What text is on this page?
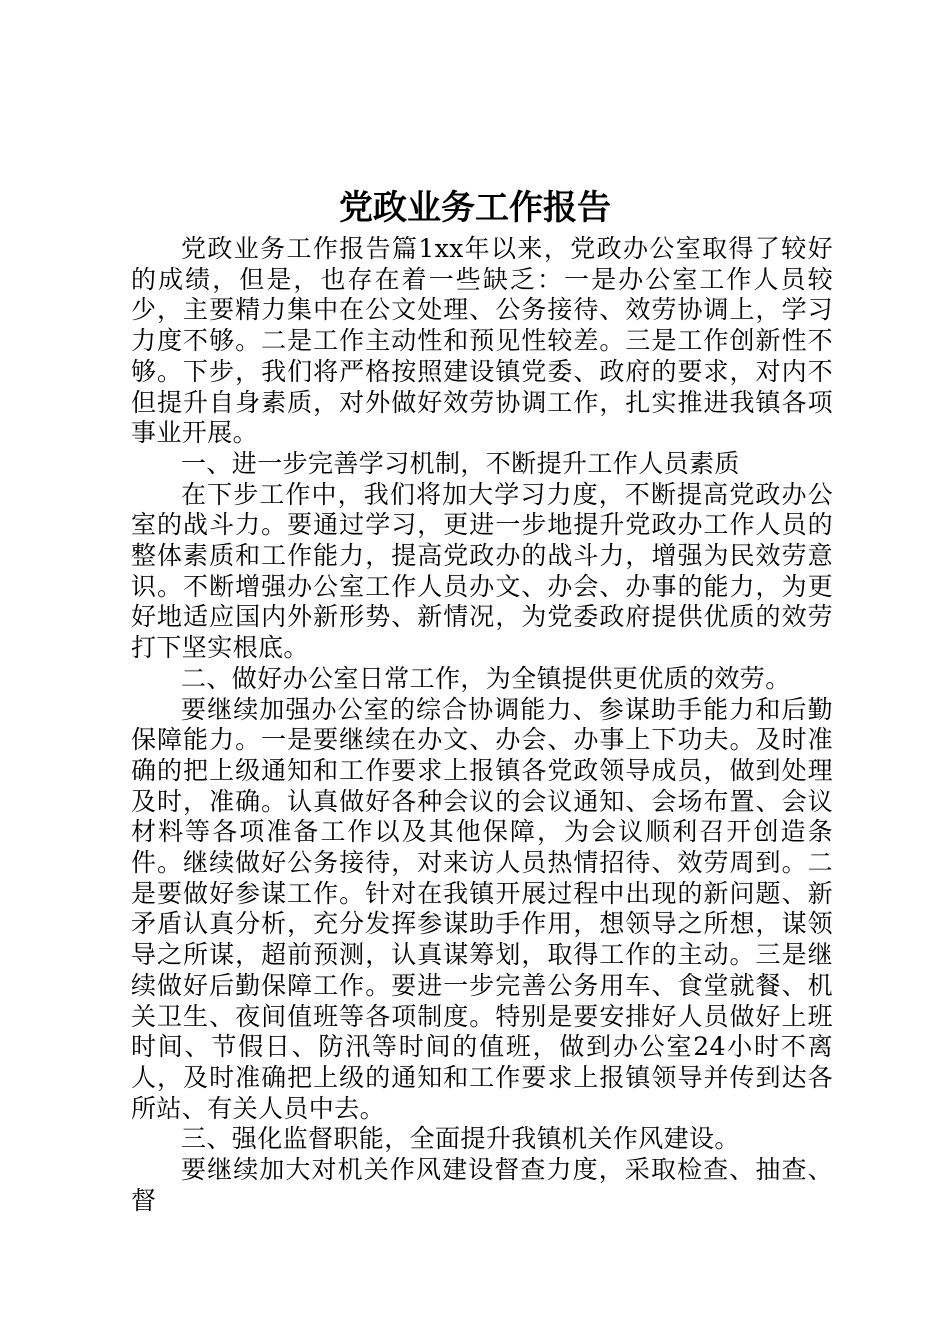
党政业务工作报告

党政业务工作报告篇1xx年以来，党政办公室取得了较好的成绩，但是，也存在着一些缺乏：一是办公室工作人员较少，主要精力集中在公文处理、公务接待、效劳协调上，学习力度不够。二是工作主动性和预见性较差。三是工作创新性不够。下步，我们将严格按照建设镇党委、政府的要求，对内不但提升自身素质，对外做好效劳协调工作，扎实推进我镇各项事业开展。

一、进一步完善学习机制，不断提升工作人员素质

在下步工作中，我们将加大学习力度，不断提高党政办公室的战斗力。要通过学习，更进一步地提升党政办工作人员的整体素质和工作能力，提高党政办的战斗力，增强为民效劳意识。不断增强办公室工作人员办文、办会、办事的能力，为更好地适应国内外新形势、新情况，为党委政府提供优质的效劳打下坚实根底。

二、做好办公室日常工作，为全镇提供更优质的效劳。

要继续加强办公室的综合协调能力、参谋助手能力和后勤保障能力。一是要继续在办文、办会、办事上下功夫。及时准确的把上级通知和工作要求上报镇各党政领导成员，做到处理及时，准确。认真做好各种会议的会议通知、会场布置、会议材料等各项准备工作以及其他保障，为会议顺利召开创造条件。继续做好公务接待，对来访人员热情招待、效劳周到。二是要做好参谋工作。针对在我镇开展过程中出现的新问题、新矛盾认真分析，充分发挥参谋助手作用，想领导之所想，谋领导之所谋，超前预测，认真谋筹划，取得工作的主动。三是继续做好后勤保障工作。要进一步完善公务用车、食堂就餐、机关卫生、夜间值班等各项制度。特别是要安排好人员做好上班时间、节假日、防汛等时间的值班，做到办公室24小时不离人，及时准确把上级的通知和工作要求上报镇领导并传到达各所站、有关人员中去。

三、强化监督职能，全面提升我镇机关作风建设。

要继续加大对机关作风建设督查力度，采取检查、抽查、督
